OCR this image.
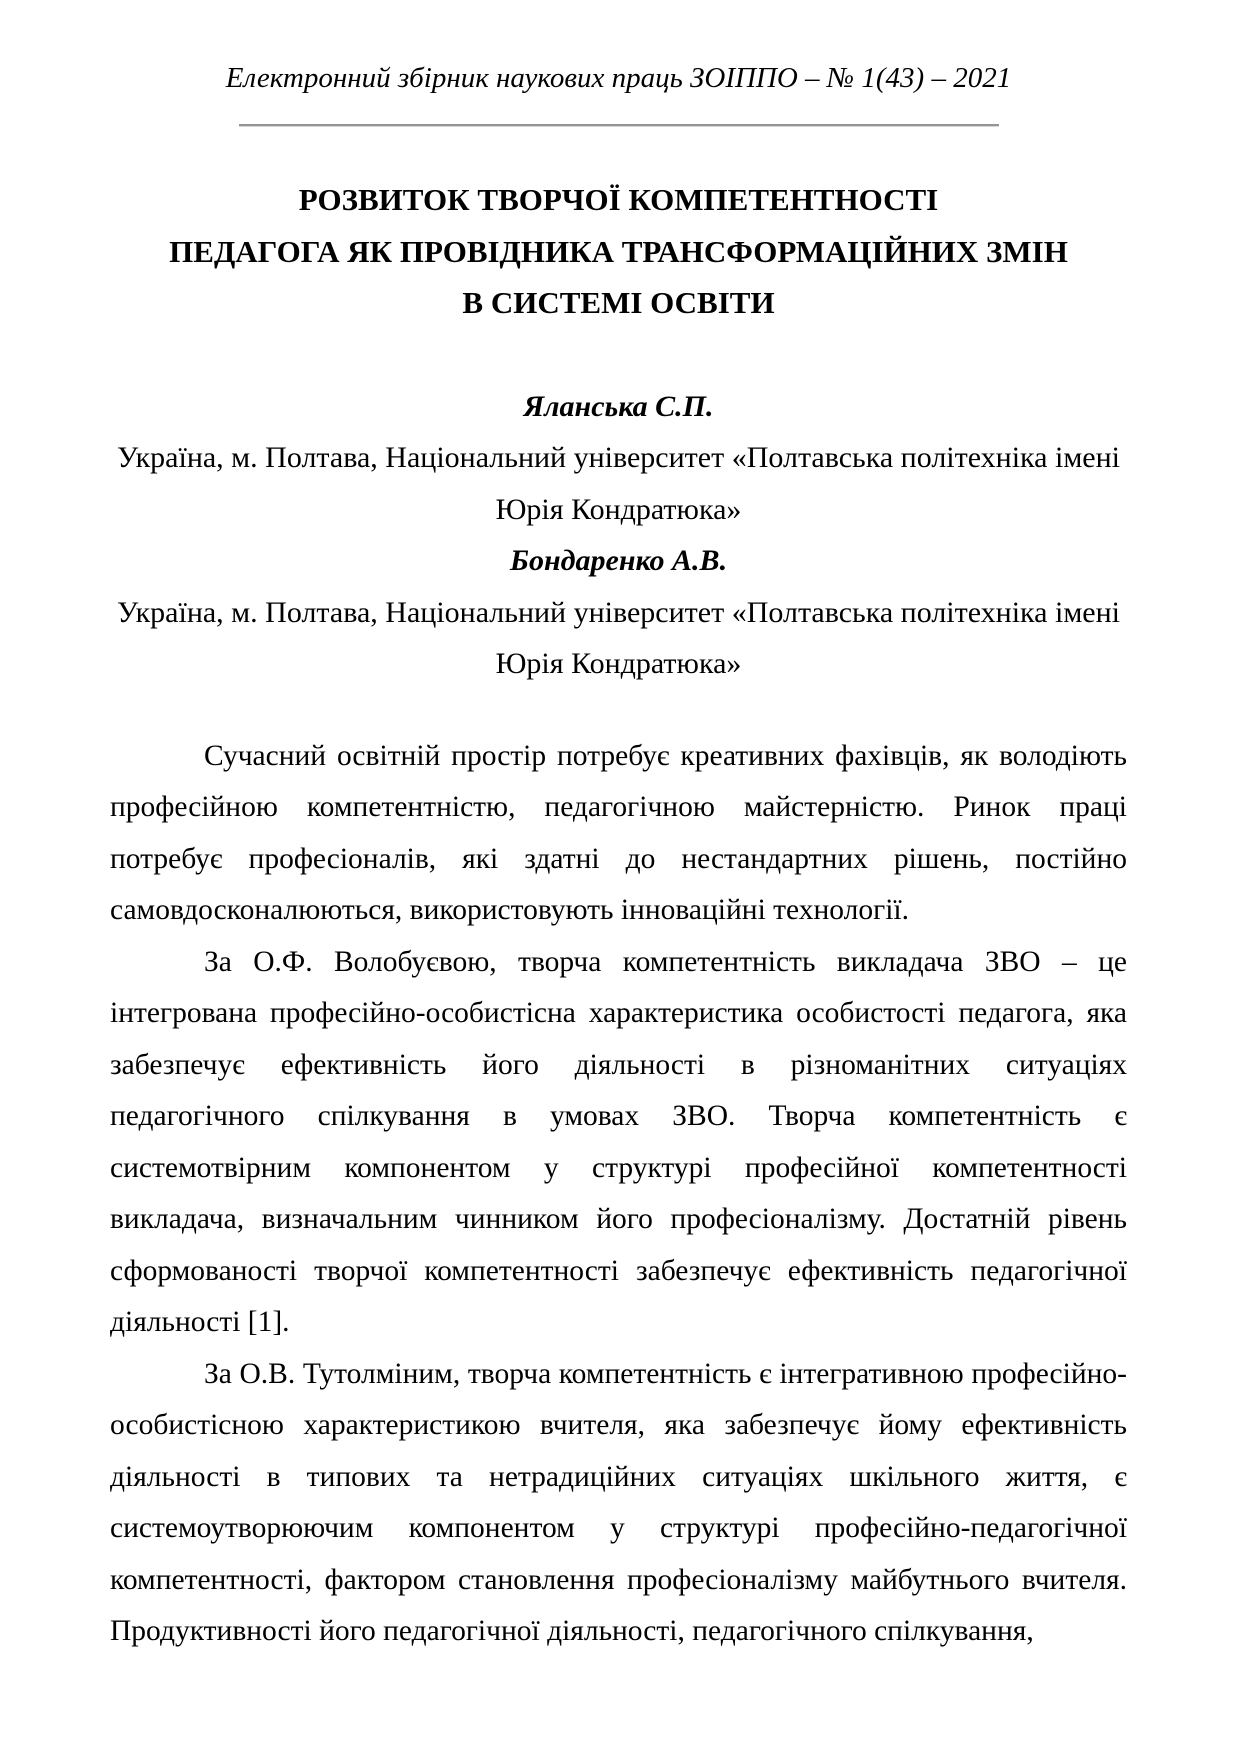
Електронний збірник наукових праць ЗОІППО – № 1(43) – 2021
РОЗВИТОК ТВОРЧОЇ КОМПЕТЕНТНОСТІ
ПЕДАГОГА ЯК ПРОВІДНИКА ТРАНСФОРМАЦІЙНИХ ЗМІН
В СИСТЕМІ ОСВІТИ
Яланська С.П.
Україна, м. Полтава, Національний університет «Полтавська політехніка імені
Юрія Кондратюка»
Бондаренко А.В.
Україна, м. Полтава, Національний університет «Полтавська політехніка імені
Юрія Кондратюка»
Сучасний освітній простір потребує креативних фахівців, як володіють
професійною компетентністю, педагогічною майстерністю. Ринок праці
потребує професіоналів, які здатні до нестандартних рішень, постійно
самовдосконалюються, використовують інноваційні технології.
За О.Ф. Волобуєвою, творча компетентність викладача ЗВО – це
інтегрована професійно-особистісна характеристика особистості педагога, яка
забезпечує ефективність його діяльності в різноманітних ситуаціях
педагогічного спілкування в умовах ЗВО. Творча компетентність є
системотвірним компонентом у структурі професійної компетентності
викладача, визначальним чинником його професіоналізму. Достатній рівень
сформованості творчої компетентності забезпечує ефективність педагогічної
діяльності [1].
За О.В. Тутолміним, творча компетентність є інтегративною професійно-
особистісною характеристикою вчителя, яка забезпечує йому ефективність
діяльності в типових та нетрадиційних ситуаціях шкільного життя, є
системоутворюючим компонентом у структурі професійно-педагогічної
компетентності, фактором становлення професіоналізму майбутнього вчителя.
Продуктивності його педагогічної діяльності, педагогічного спілкування,
